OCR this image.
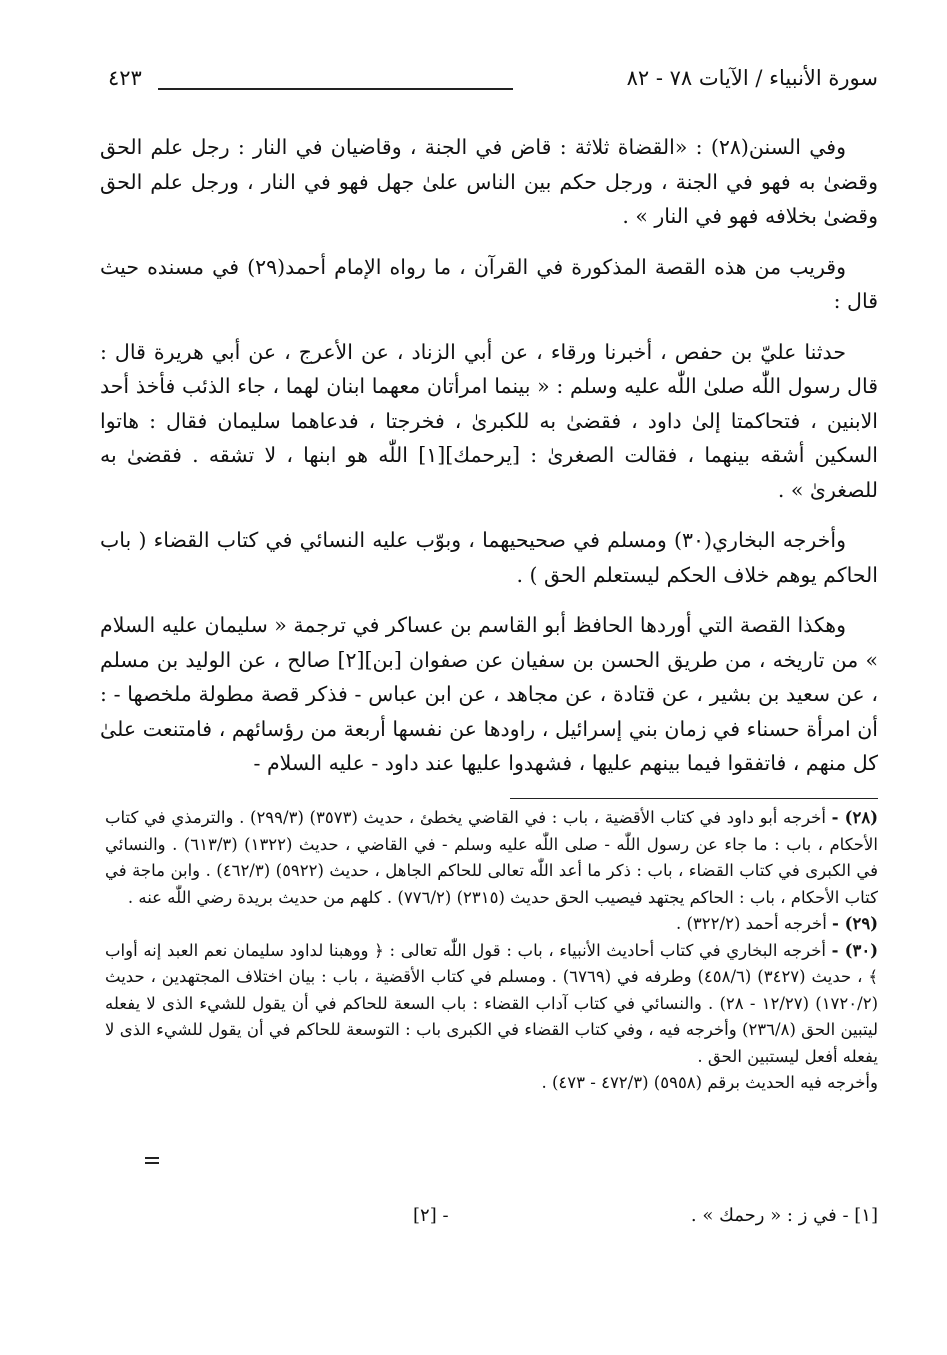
سورة الأنبياء / الآيات ٧٨ - ٨٢
٤٢٣

وفي السنن(٢٨) : «القضاة ثلاثة : قاض في الجنة ، وقاضيان في النار : رجل علم الحق وقضىٰ به فهو في الجنة ، ورجل حكم بين الناس علىٰ جهل فهو في النار ، ورجل علم الحق وقضىٰ بخلافه فهو في النار » .

وقريب من هذه القصة المذكورة في القرآن ، ما رواه الإمام أحمد(٢٩) في مسنده حيث قال :

حدثنا عليّ بن حفص ، أخبرنا ورقاء ، عن أبي الزناد ، عن الأعرج ، عن أبي هريرة قال : قال رسول اللّٰه صلىٰ اللّٰه عليه وسلم : « بينما امرأتان معهما ابنان لهما ، جاء الذئب فأخذ أحد الابنين ، فتحاكمتا إلىٰ داود ، فقضىٰ به للكبرىٰ ، فخرجتا ، فدعاهما سليمان فقال : هاتوا السكين أشقه بينهما ، فقالت الصغرىٰ : [يرحمك][١] اللّٰه هو ابنها ، لا تشقه . فقضىٰ به للصغرىٰ » .

وأخرجه البخاري(٣٠) ومسلم في صحيحيهما ، وبوّب عليه النسائي في كتاب القضاء ( باب الحاكم يوهم خلاف الحكم ليستعلم الحق ) .

وهكذا القصة التي أوردها الحافظ أبو القاسم بن عساكر في ترجمة « سليمان عليه السلام » من تاريخه ، من طريق الحسن بن سفيان عن صفوان [بن][٢] صالح ، عن الوليد بن مسلم ، عن سعيد بن بشير ، عن قتادة ، عن مجاهد ، عن ابن عباس - فذكر قصة مطولة ملخصها - : أن امرأة حسناء في زمان بني إسرائيل ، راودها عن نفسها أربعة من رؤسائهم ، فامتنعت علىٰ كل منهم ، فاتفقوا فيما بينهم عليها ، فشهدوا عليها عند داود - عليه السلام -

(٢٨) - أخرجه أبو داود في كتاب الأقضية ، باب : في القاضي يخطئ ، حديث (٣٥٧٣) (٢٩٩/٣) . والترمذي في كتاب الأحكام ، باب : ما جاء عن رسول اللّٰه - صلى اللّٰه عليه وسلم - في القاضي ، حديث (١٣٢٢) (٦١٣/٣) . والنسائي في الكبرى في كتاب القضاء ، باب : ذكر ما أعد اللّٰه تعالى للحاكم الجاهل ، حديث (٥٩٢٢) (٤٦٢/٣) . وابن ماجة في كتاب الأحكام ، باب : الحاكم يجتهد فيصيب الحق حديث (٢٣١٥) (٧٧٦/٢) . كلهم من حديث بريدة رضي اللّٰه عنه .

(٢٩) - أخرجه أحمد (٣٢٢/٢) .

(٣٠) - أخرجه البخاري في كتاب أحاديث الأنبياء ، باب : قول اللّٰه تعالى : ﴿ ووهبنا لداود سليمان نعم العبد إنه أواب ﴾ ، حديث (٣٤٢٧) (٤٥٨/٦) وطرفه في (٦٧٦٩) . ومسلم في كتاب الأقضية ، باب : بيان اختلاف المجتهدين ، حديث (١٧٢٠/٢) (١٢/٢٧ - ٢٨) . والنسائي في كتاب آداب القضاء : باب السعة للحاكم في أن يقول للشيء الذى لا يفعله ليتبين الحق (٢٣٦/٨) وأخرجه فيه ، وفي كتاب القضاء في الكبرى باب : التوسعة للحاكم في أن يقول للشيء الذى لا يفعله أفعل ليستبين الحق .

وأخرجه فيه الحديث برقم (٥٩٥٨) (٤٧٢/٣ - ٤٧٣) .

[١] - في ز : « رحمك » .
- [٢]
